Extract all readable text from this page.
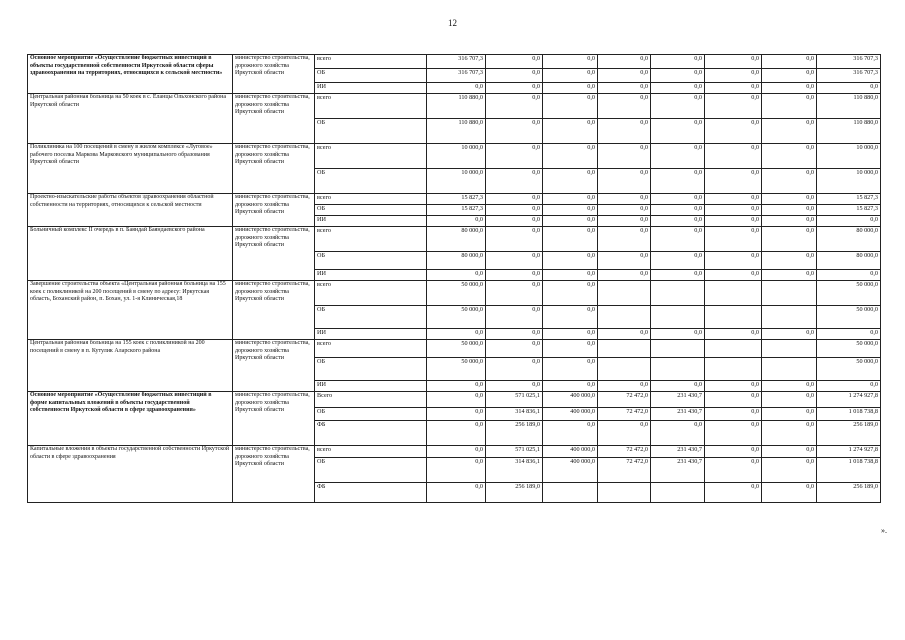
12
Основное мероприятие «Осуществление бюджетных инвестиций в объекты государственной собственности Иркутской области сферы здравоохранения на территориях, относящихся к сельской местности»	министерство строительства, дорожного хозяйства Иркутской области	всего	316 707,3	0,0	0,0	0,0	0,0	0,0	0,0	316 707,3
		ОБ	316 707,3	0,0	0,0	0,0	0,0	0,0	0,0	316 707,3
		ИИ	0,0	0,0	0,0	0,0	0,0	0,0	0,0	0,0
Центральная районная больница на 50 коек в с. Еланцы Ольхонского района Иркутской области	министерство строительства, дорожного хозяйства Иркутской области	всего	110 880,0	0,0	0,0	0,0	0,0	0,0	0,0	110 880,0
		ОБ	110 880,0	0,0	0,0	0,0	0,0	0,0	0,0	110 880,0
Поликлиника на 100 посещений в смену в жилом комплексе «Луговое» рабочего поселка Маркова Марковского муниципального образования Иркутской области	министерство строительства, дорожного хозяйства Иркутской области	всего	10 000,0	0,0	0,0	0,0	0,0	0,0	0,0	10 000,0
		ОБ	10 000,0	0,0	0,0	0,0	0,0	0,0	0,0	10 000,0
Проектно-изыскательские работы объектов здравоохранения областной собственности на территориях, относящихся к сельской местности	министерство строительства, дорожного хозяйства Иркутской области	всего	15 827,3	0,0	0,0	0,0	0,0	0,0	0,0	15 827,3
		ОБ	15 827,3	0,0	0,0	0,0	0,0	0,0	0,0	15 827,3
		ИИ	0,0	0,0	0,0	0,0	0,0	0,0	0,0	0,0
Больничный комплекс II очередь в п. Баяндай Баяндаевского района	министерство строительства, дорожного хозяйства Иркутской области	всего	80 000,0	0,0	0,0	0,0	0,0	0,0	0,0	80 000,0
		ОБ	80 000,0	0,0	0,0	0,0	0,0	0,0	0,0	80 000,0
		ИИ	0,0	0,0	0,0	0,0	0,0	0,0	0,0	0,0
Завершение строительства объекта «Центральная районная больница на 155 коек с поликлиникой на 200 посещений в смену по адресу: Иркутская область, Боханский район, п. Бохан, ул. 1-я Клиническая,18	министерство строительства, дорожного хозяйства Иркутской области	всего	50 000,0	0,0	0,0					50 000,0
		ОБ	50 000,0	0,0	0,0					50 000,0
		ИИ	0,0	0,0	0,0	0,0	0,0	0,0	0,0	0,0
Центральная районная больница на 155 коек с поликлиникой на 200 посещений в смену в п. Кутулик Аларского района	министерство строительства, дорожного хозяйства Иркутской области	всего	50 000,0	0,0	0,0					50 000,0
		ОБ	50 000,0	0,0	0,0					50 000,0
		ИИ	0,0	0,0	0,0	0,0	0,0	0,0	0,0	0,0
Основное мероприятие «Осуществление бюджетных инвестиций в форме капитальных вложений в объекты государственной собственности Иркутской области в сфере здравоохранения»	министерство строительства, дорожного хозяйства Иркутской области	Всего	0,0	571 025,1	400 000,0	72 472,0	231 430,7	0,0	0,0	1 274 927,8
		ОБ	0,0	314 836,1	400 000,0	72 472,0	231 430,7	0,0	0,0	1 018 738,8
		ФБ	0,0	256 189,0	0,0	0,0	0,0	0,0	0,0	256 189,0
Капитальные вложения в объекты государственной собственности Иркутской области в сфере здравоохранения	министерство строительства, дорожного хозяйства Иркутской области	всего	0,0	571 025,1	400 000,0	72 472,0	231 430,7	0,0	0,0	1 274 927,8
		ОБ	0,0	314 836,1	400 000,0	72 472,0	231 430,7	0,0	0,0	1 018 738,8
		ФБ	0,0	256 189,0				0,0	0,0	256 189,0
».
